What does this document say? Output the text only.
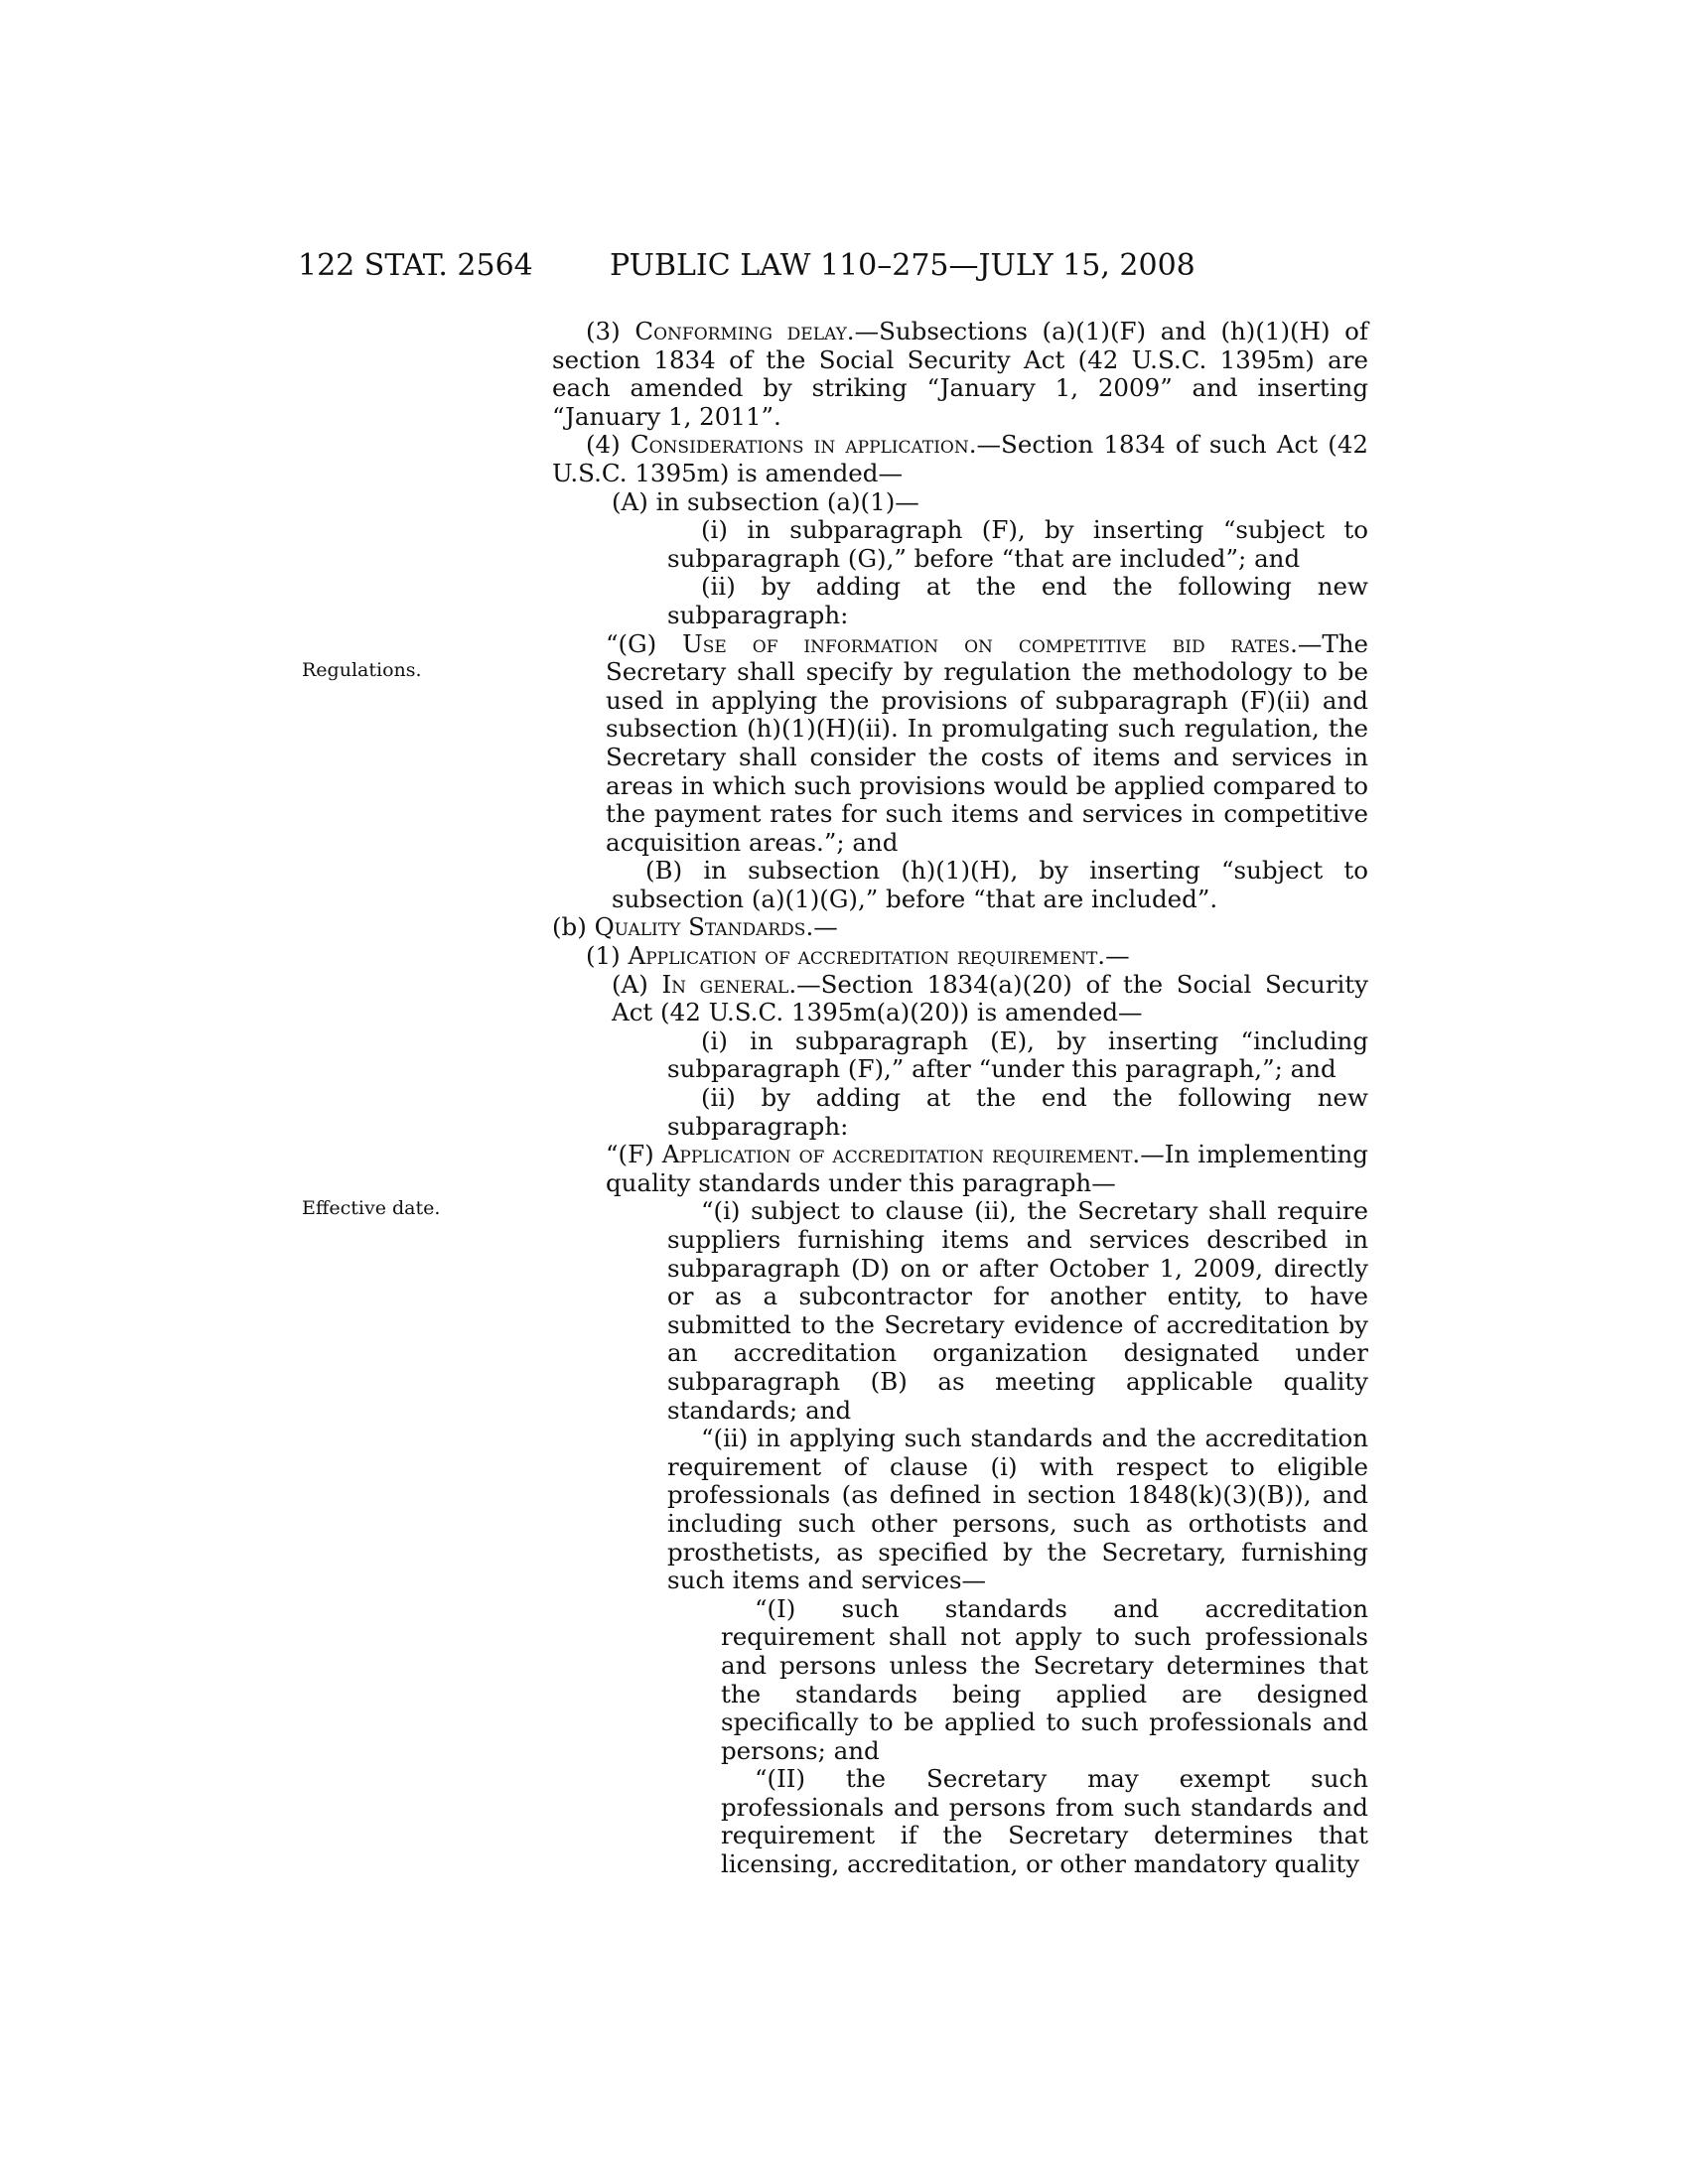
122 STAT. 2564	PUBLIC LAW 110–275—JULY 15, 2008
Regulations.
Effective date.

(3) Conforming delay.—Subsections (a)(1)(F) and (h)(1)(H) of section 1834 of the Social Security Act (42 U.S.C. 1395m) are each amended by striking “January 1, 2009” and inserting “January 1, 2011”.

(4) Considerations in application.—Section 1834 of such Act (42 U.S.C. 1395m) is amended—

(A) in subsection (a)(1)—

(i) in subparagraph (F), by inserting “subject to subparagraph (G),” before “that are included”; and

(ii) by adding at the end the following new subparagraph:

“(G) Use of information on competitive bid rates.—The Secretary shall specify by regulation the methodology to be used in applying the provisions of subparagraph (F)(ii) and subsection (h)(1)(H)(ii). In promulgating such regulation, the Secretary shall consider the costs of items and services in areas in which such provisions would be applied compared to the payment rates for such items and services in competitive acquisition areas.”; and

(B) in subsection (h)(1)(H), by inserting “subject to subsection (a)(1)(G),” before “that are included”.

(b) Quality Standards.—

(1) Application of accreditation requirement.—

(A) In general.—Section 1834(a)(20) of the Social Security Act (42 U.S.C. 1395m(a)(20)) is amended—

(i) in subparagraph (E), by inserting “including subparagraph (F),” after “under this paragraph,”; and

(ii) by adding at the end the following new subparagraph:

“(F) Application of accreditation requirement.—In implementing quality standards under this paragraph—

“(i) subject to clause (ii), the Secretary shall require suppliers furnishing items and services described in subparagraph (D) on or after October 1, 2009, directly or as a subcontractor for another entity, to have submitted to the Secretary evidence of accreditation by an accreditation organization designated under subparagraph (B) as meeting applicable quality standards; and

“(ii) in applying such standards and the accreditation requirement of clause (i) with respect to eligible professionals (as defined in section 1848(k)(3)(B)), and including such other persons, such as orthotists and prosthetists, as specified by the Secretary, furnishing such items and services—

“(I) such standards and accreditation requirement shall not apply to such professionals and persons unless the Secretary determines that the standards being applied are designed specifically to be applied to such professionals and persons; and

“(II) the Secretary may exempt such professionals and persons from such standards and requirement if the Secretary determines that licensing, accreditation, or other mandatory quality
